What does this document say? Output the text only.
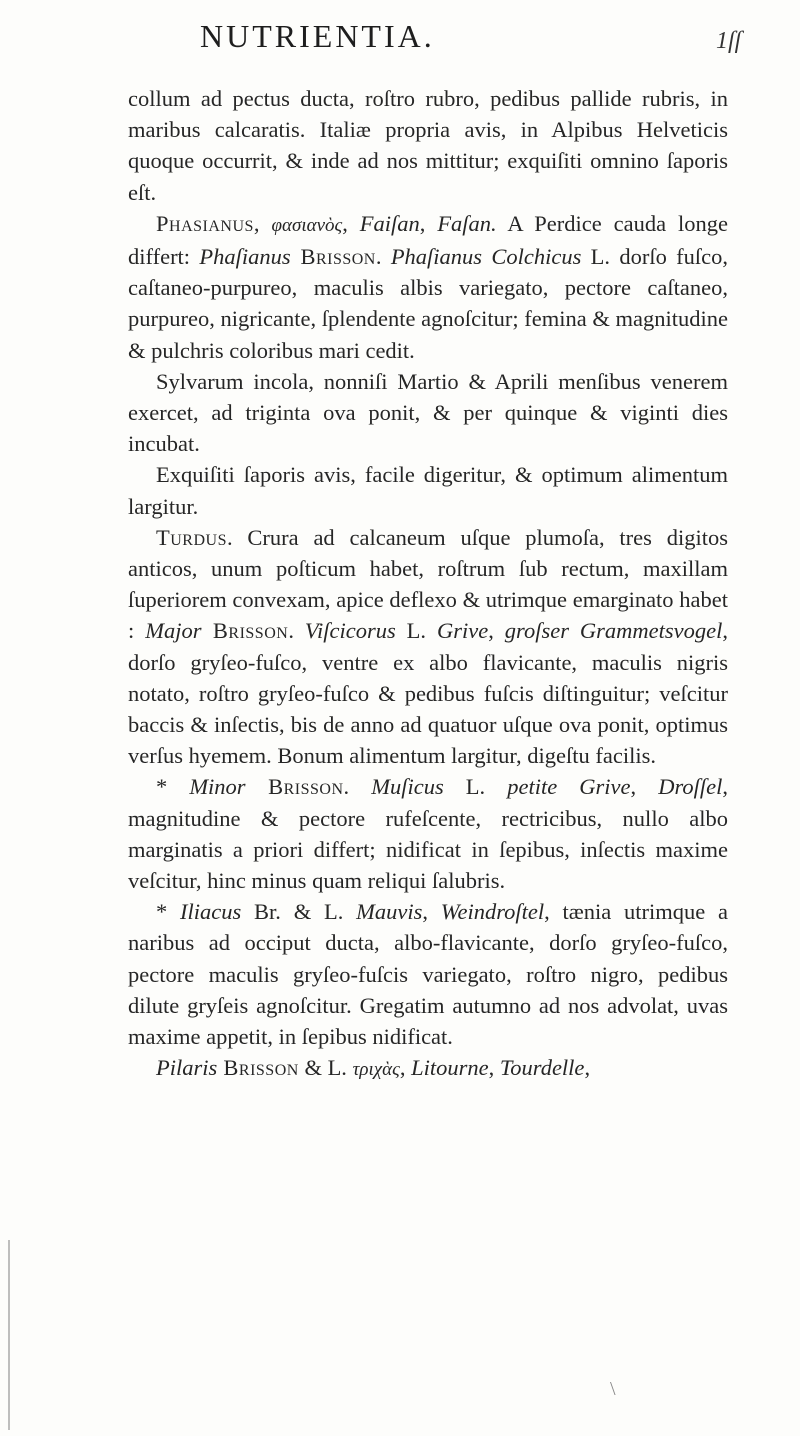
NUTRIENTIA.	1ſſ

collum ad pectus ducta, roſtro rubro, pedibus pallide rubris, in maribus calcaratis. Italiæ propria avis, in Alpibus Helveticis quoque occurrit, & inde ad nos mittitur; exquiſiti omnino ſaporis eſt.

Phasianus, φασιανὸς, Faiſan, Faſan. A Perdice cauda longe differt: Phaſianus Brisson. Phaſianus Colchicus L. dorſo fuſco, caſtaneo-purpureo, maculis albis variegato, pectore caſtaneo, purpureo, nigricante, ſplendente agnoſcitur; femina & magnitudine & pulchris coloribus mari cedit.

Sylvarum incola, nonniſi Martio & Aprili menſibus venerem exercet, ad triginta ova ponit, & per quinque & viginti dies incubat.

Exquiſiti ſaporis avis, facile digeritur, & optimum alimentum largitur.

Turdus. Crura ad calcaneum uſque plumoſa, tres digitos anticos, unum poſticum habet, roſtrum ſub rectum, maxillam ſuperiorem convexam, apice deflexo & utrimque emarginato habet : Major Brisson. Viſcicorus L. Grive, groſser Grammetsvogel, dorſo gryſeo-fuſco, ventre ex albo flavicante, maculis nigris notato, roſtro gryſeo-fuſco & pedibus fuſcis diſtinguitur; veſcitur baccis & inſectis, bis de anno ad quatuor uſque ova ponit, optimus verſus hyemem. Bonum alimentum largitur, digeſtu facilis.

* Minor Brisson. Muſicus L. petite Grive, Droſſel, magnitudine & pectore rufeſcente, rectricibus, nullo albo marginatis a priori differt; nidificat in ſepibus, inſectis maxime veſcitur, hinc minus quam reliqui ſalubris.

* Iliacus Br. & L. Mauvis, Weindroſtel, tænia utrimque a naribus ad occiput ducta, albo-flavicante, dorſo gryſeo-fuſco, pectore maculis gryſeo-fuſcis variegato, roſtro nigro, pedibus dilute gryſeis agnoſcitur. Gregatim autumno ad nos advolat, uvas maxime appetit, in ſepibus nidificat.

Pilaris Brisson & L. τριχὰς, Litourne, Tourdelle,

\
